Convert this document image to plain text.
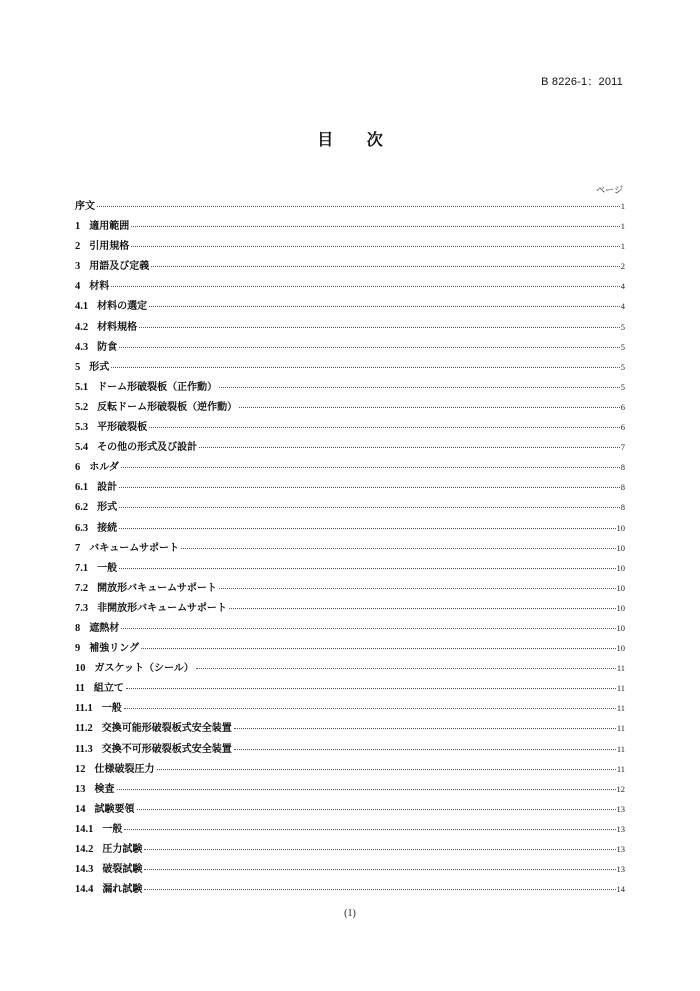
B 8226-1：2011
目 次
ページ
序文	1
1 適用範囲	1
2 引用規格	1
3 用語及び定義	2
4 材料	4
4.1 材料の選定	4
4.2 材料規格	5
4.3 防食	5
5 形式	5
5.1 ドーム形破裂板（正作動）	5
5.2 反転ドーム形破裂板（逆作動）	6
5.3 平形破裂板	6
5.4 その他の形式及び設計	7
6 ホルダ	8
6.1 設計	8
6.2 形式	8
6.3 接続	10
7 バキュームサポート	10
7.1 一般	10
7.2 開放形バキュームサポート	10
7.3 非開放形バキュームサポート	10
8 遮熱材	10
9 補強リング	10
10 ガスケット（シール）	11
11 組立て	11
11.1 一般	11
11.2 交換可能形破裂板式安全装置	11
11.3 交換不可形破裂板式安全装置	11
12 仕様破裂圧力	11
13 検査	12
14 試験要領	13
14.1 一般	13
14.2 圧力試験	13
14.3 破裂試験	13
14.4 漏れ試験	14
(1)
